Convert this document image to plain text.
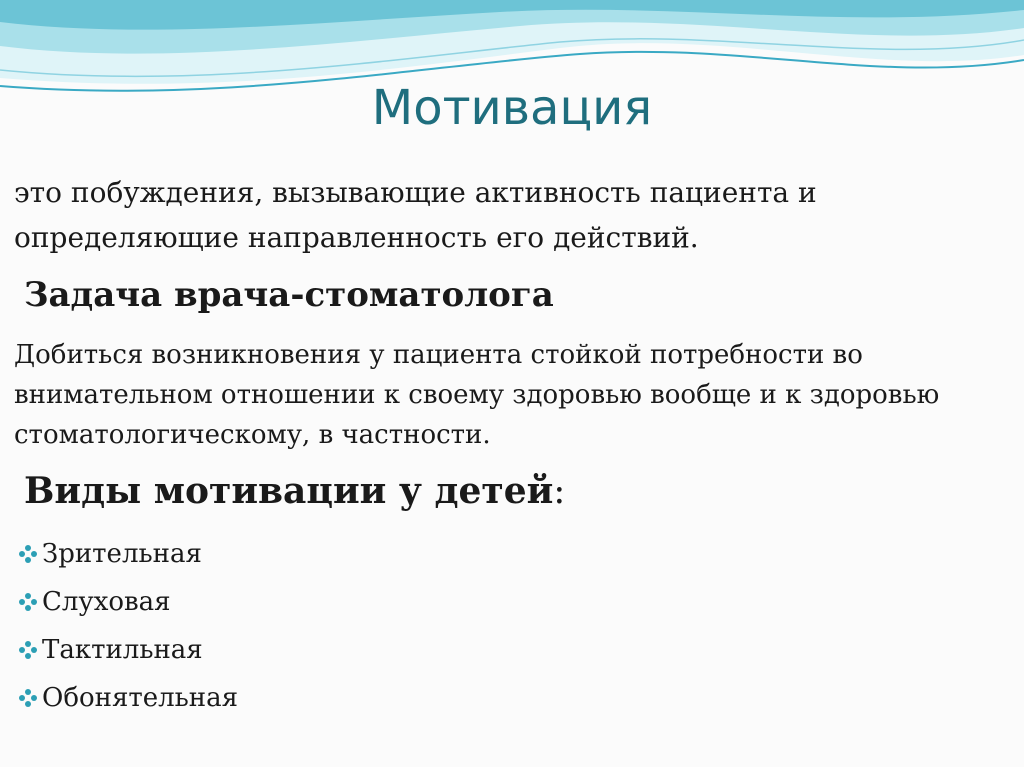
Мотивация
это побуждения, вызывающие активность пациента и определяющие направленность его действий.
Задача врача-стоматолога
Добиться возникновения у пациента стойкой потребности во внимательном отношении к своему здоровью вообще и к здоровью стоматологическому, в частности.
Виды мотивации у детей:
Зрительная
Слуховая
Тактильная
Обонятельная
